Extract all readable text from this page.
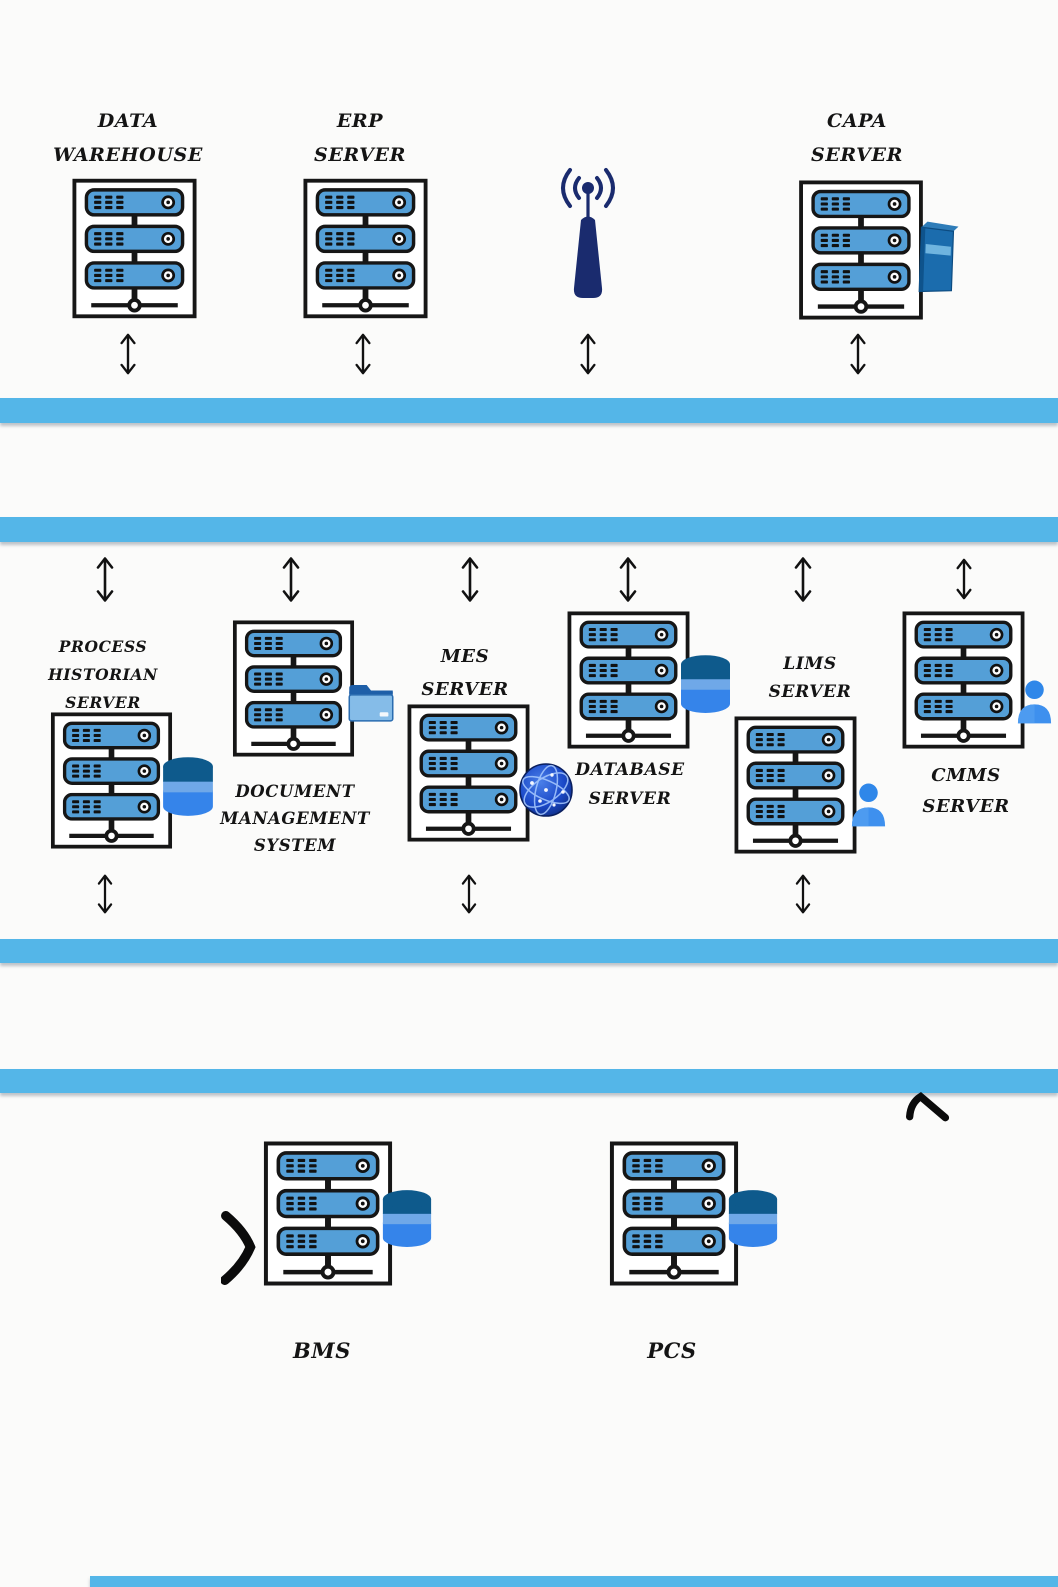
DATA
WAREHOUSE
ERP
SERVER
CAPA
SERVER
PROCESS
HISTORIAN
SERVER
DOCUMENT
MANAGEMENT
SYSTEM
MES
SERVER
DATABASE
SERVER
LIMS
SERVER
CMMS
SERVER
BMS	PCS
